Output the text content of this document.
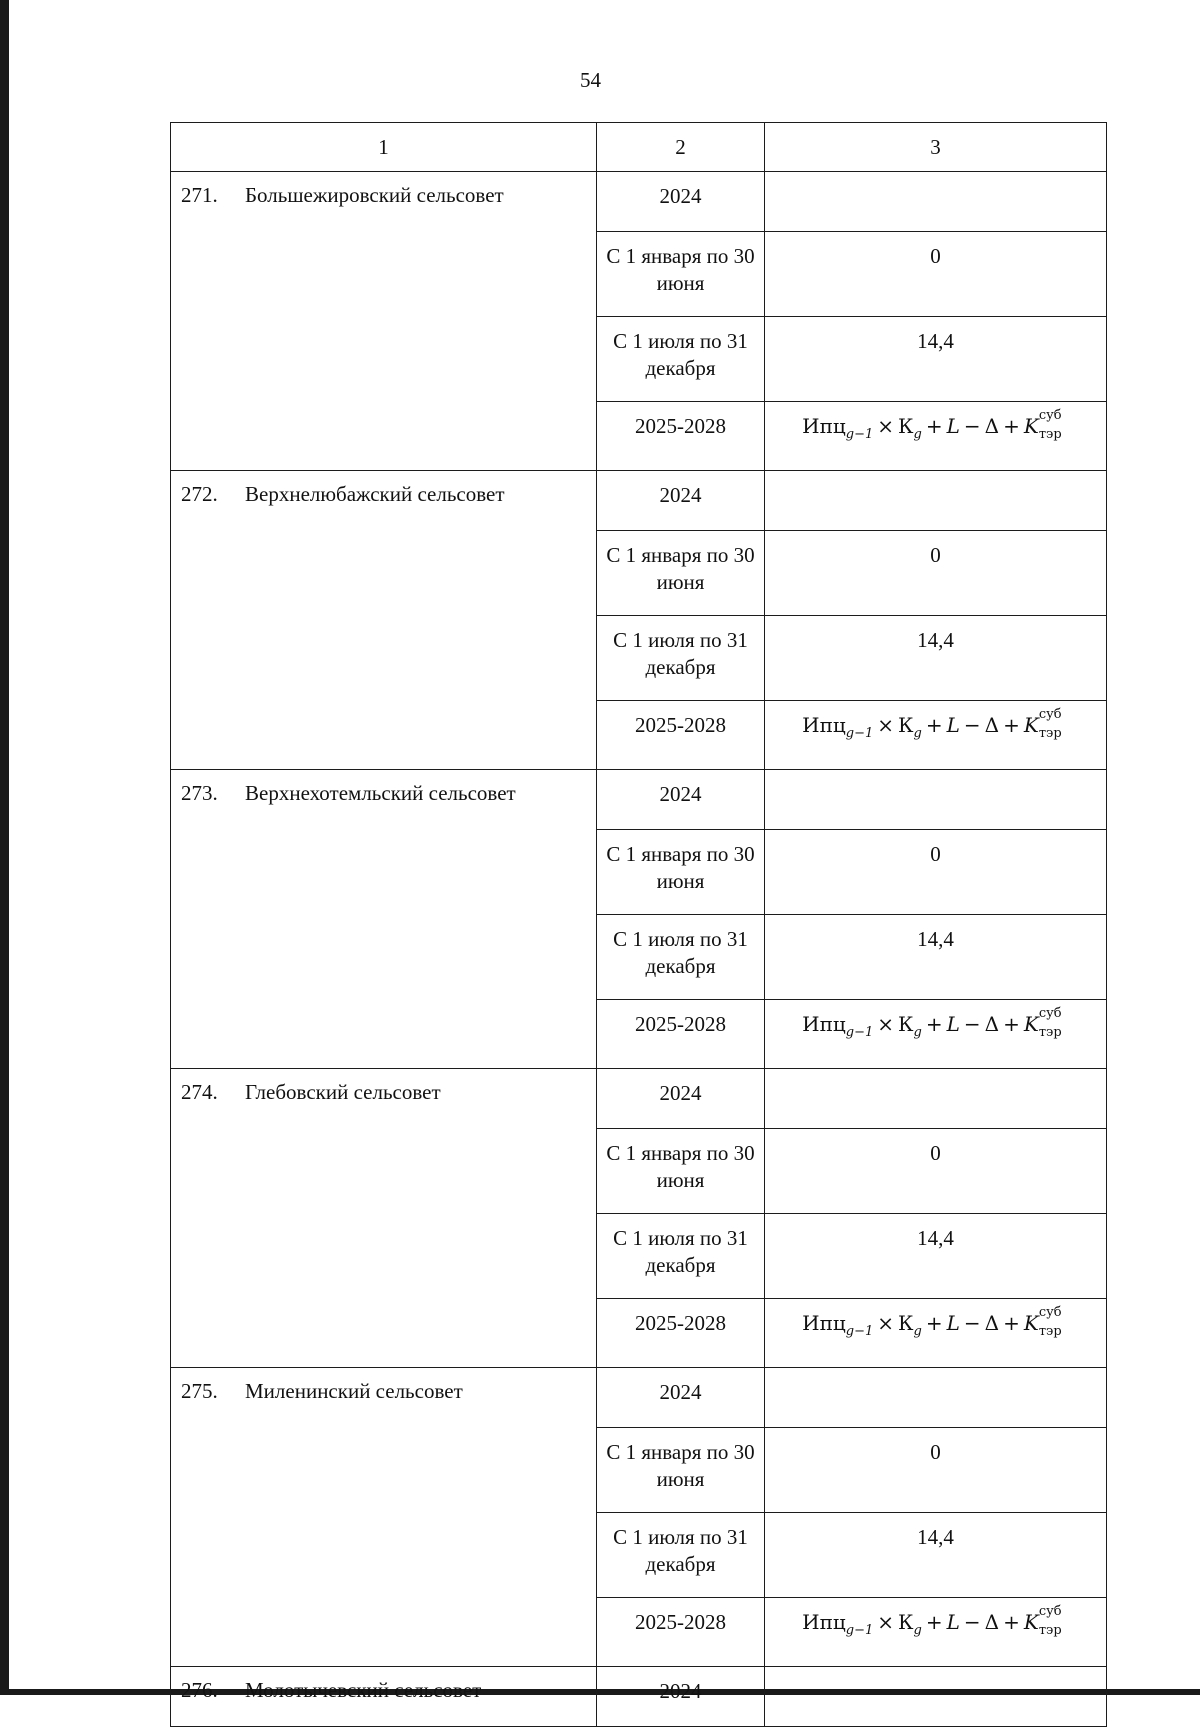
54
1	2	3
271. Большежировский сельсовет	2024	
	С 1 января по 30 июня	0
	С 1 июля по 31 декабря	14,4
	2025-2028	$Ипц_{g-1} \times К_g + L - \Delta + K$ суб
тэр

272. Верхнелюбажский сельсовет	2024	
	С 1 января по 30 июня	0
	С 1 июля по 31 декабря	14,4
	2025-2028	$Ипц_{g-1} \times К_g + L - \Delta + K$ суб
тэр

273. Верхнехотемльский сельсовет	2024	
	С 1 января по 30 июня	0
	С 1 июля по 31 декабря	14,4
	2025-2028	$Ипц_{g-1} \times К_g + L - \Delta + K$ суб
тэр

274. Глебовский сельсовет	2024	
	С 1 января по 30 июня	0
	С 1 июля по 31 декабря	14,4
	2025-2028	$Ипц_{g-1} \times К_g + L - \Delta + K$ суб
тэр

275. Миленинский сельсовет	2024	
	С 1 января по 30 июня	0
	С 1 июля по 31 декабря	14,4
	2025-2028	$Ипц_{g-1} \times К_g + L - \Delta + K$ суб
тэр

276. Молотычевский сельсовет	2024	
